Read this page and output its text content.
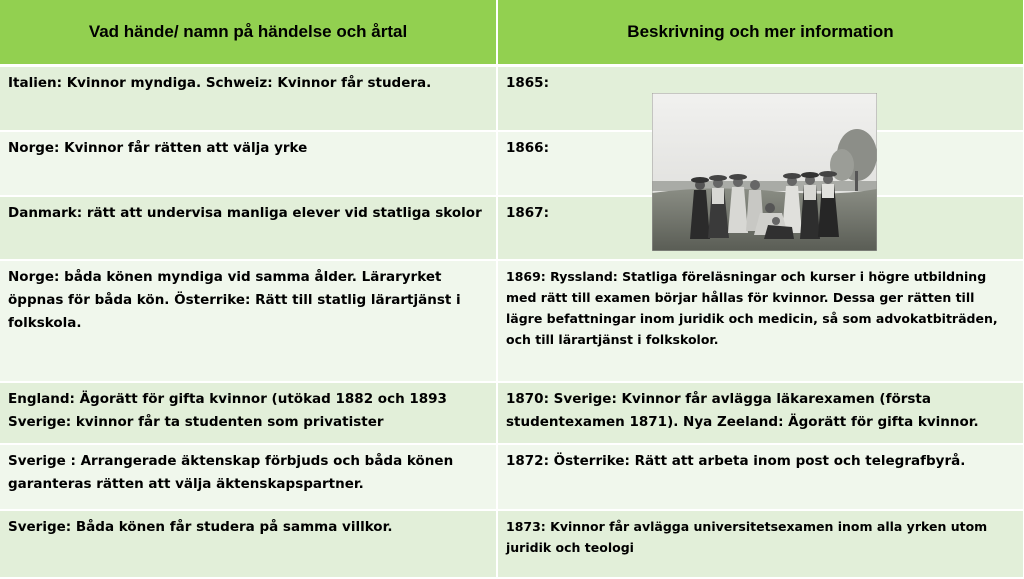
Vad hände/ namn på händelse och årtal	Beskrivning och mer information
Italien: Kvinnor myndiga. Schweiz: Kvinnor får studera.	1865:
Norge: Kvinnor får rätten att välja yrke	1866:
Danmark: rätt att undervisa manliga elever vid statliga skolor	1867:
Norge: båda könen myndiga vid samma ålder. Läraryrket öppnas för båda kön. Österrike: Rätt till statlig lärartjänst i folkskola.	1869: Ryssland: Statliga föreläsningar och kurser i högre utbildning med rätt till examen börjar hållas för kvinnor. Dessa ger rätten till lägre befattningar inom juridik och medicin, så som advokatbiträden, och till lärartjänst i folkskolor.
England: Ägorätt för gifta kvinnor (utökad 1882 och 1893 Sverige: kvinnor får ta studenten som privatister	1870: Sverige: Kvinnor får avlägga läkarexamen (första studentexamen 1871). Nya Zeeland: Ägorätt för gifta kvinnor.
Sverige : Arrangerade äktenskap förbjuds och båda könen garanteras rätten att välja äktenskapspartner.	1872: Österrike: Rätt att arbeta inom post och telegrafbyrå.
Sverige: Båda könen får studera på samma villkor.	1873: Kvinnor får avlägga universitetsexamen inom alla yrken utom juridik och teologi
